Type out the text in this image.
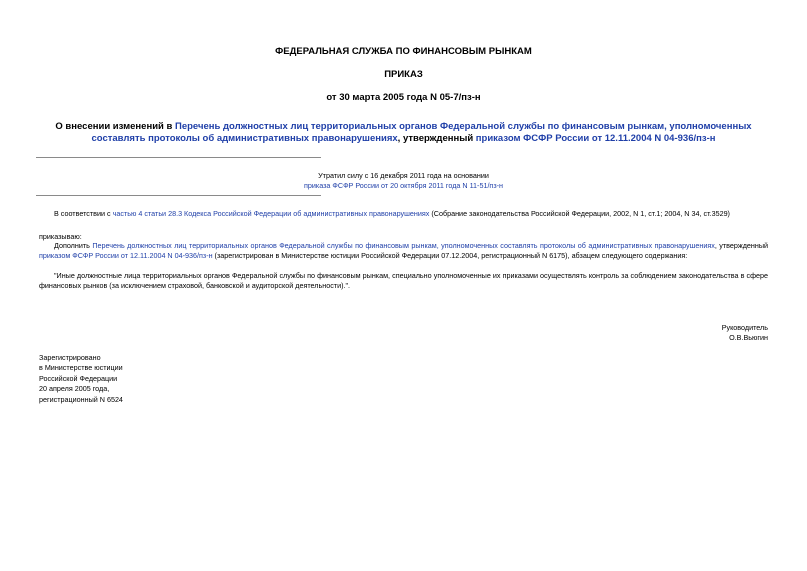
ФЕДЕРАЛЬНАЯ СЛУЖБА ПО ФИНАНСОВЫМ РЫНКАМ
ПРИКАЗ
от 30 марта 2005 года N 05-7/пз-н
О внесении изменений в Перечень должностных лиц территориальных органов Федеральной службы по финансовым рынкам, уполномоченных составлять протоколы об административных правонарушениях, утвержденный приказом ФСФР России от 12.11.2004 N 04-936/пз-н
Утратил силу с 16 декабря 2011 года на основании
приказа ФСФР России от 20 октября 2011 года N 11-51/пз-н
В соответствии с частью 4 статьи 28.3 Кодекса Российской Федерации об административных правонарушениях (Собрание законодательства Российской Федерации, 2002, N 1, ст.1; 2004, N 34, ст.3529)
приказываю:
Дополнить Перечень должностных лиц территориальных органов Федеральной службы по финансовым рынкам, уполномоченных составлять протоколы об административных правонарушениях, утвержденный приказом ФСФР России от 12.11.2004 N 04-936/пз-н (зарегистрирован в Министерстве юстиции Российской Федерации 07.12.2004, регистрационный N 6175), абзацем следующего содержания:
"Иные должностные лица территориальных органов Федеральной службы по финансовым рынкам, специально уполномоченные их приказами осуществлять контроль за соблюдением законодательства в сфере финансовых рынков (за исключением страховой, банковской и аудиторской деятельности).".
Руководитель
О.В.Вьюгин
Зарегистрировано
в Министерстве юстиции
Российской Федерации
20 апреля 2005 года,
регистрационный N 6524
